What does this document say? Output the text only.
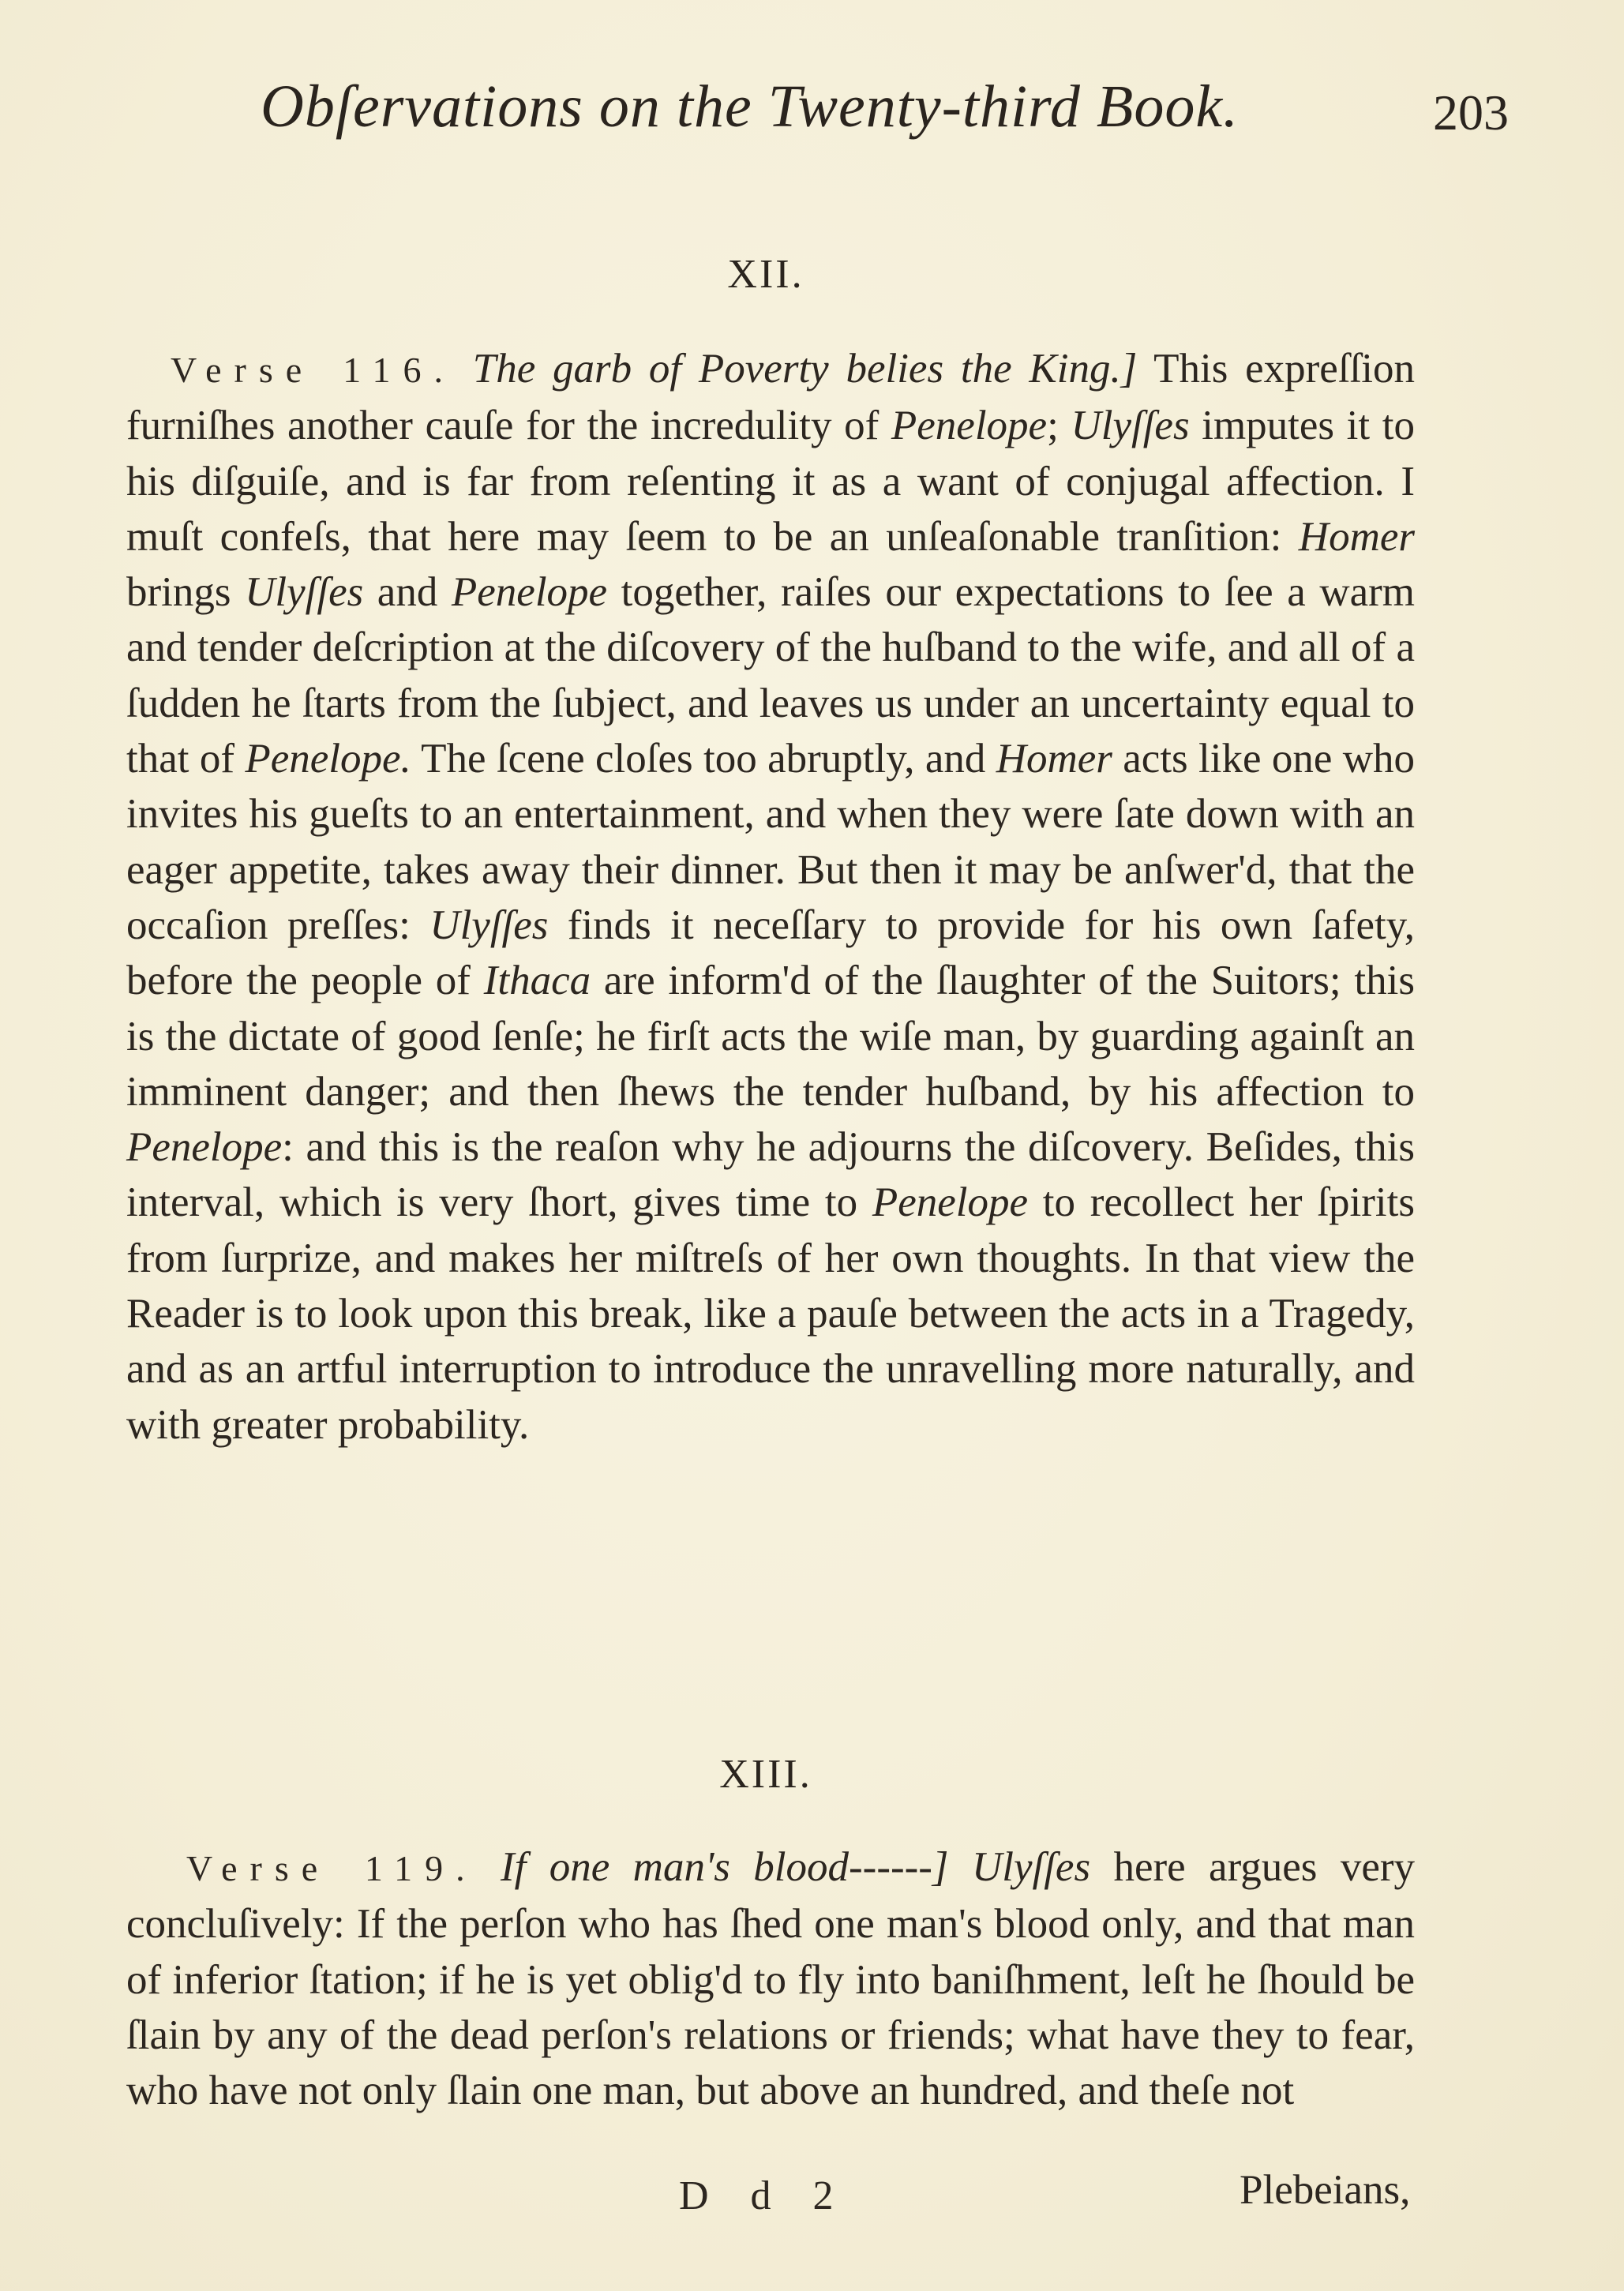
Obſervations on the Twenty-third Book.	203
XII.
Verse 116. The garb of Poverty belies the King.] This expreſſion furniſhes another cauſe for the incredulity of Penelope; Ulyſſes imputes it to his diſguiſe, and is far from reſenting it as a want of conjugal affection. I muſt confeſs, that here may ſeem to be an unſeaſonable tranſition: Homer brings Ulyſſes and Penelope together, raiſes our expectations to ſee a warm and tender deſcription at the diſcovery of the huſband to the wife, and all of a ſudden he ſtarts from the ſubject, and leaves us under an uncertainty equal to that of Penelope. The ſcene cloſes too abruptly, and Homer acts like one who invites his gueſts to an entertainment, and when they were ſate down with an eager appetite, takes away their dinner. But then it may be anſwer'd, that the occaſion preſſes: Ulyſſes finds it neceſſary to provide for his own ſafety, before the people of Ithaca are inform'd of the ſlaughter of the Suitors; this is the dictate of good ſenſe; he firſt acts the wiſe man, by guarding againſt an imminent danger; and then ſhews the tender huſband, by his affection to Penelope: and this is the reaſon why he adjourns the diſcovery. Beſides, this interval, which is very ſhort, gives time to Penelope to recollect her ſpirits from ſurprize, and makes her miſtreſs of her own thoughts. In that view the Reader is to look upon this break, like a pauſe between the acts in a Tragedy, and as an artful interruption to introduce the unravelling more naturally, and with greater probability.
XIII.
Verse 119. If one man's blood------] Ulyſſes here argues very concluſively: If the perſon who has ſhed one man's blood only, and that man of inferior ſtation; if he is yet oblig'd to fly into baniſhment, leſt he ſhould be ſlain by any of the dead perſon's relations or friends; what have they to fear, who have not only ſlain one man, but above an hundred, and theſe not
D d 2	Plebeians,
